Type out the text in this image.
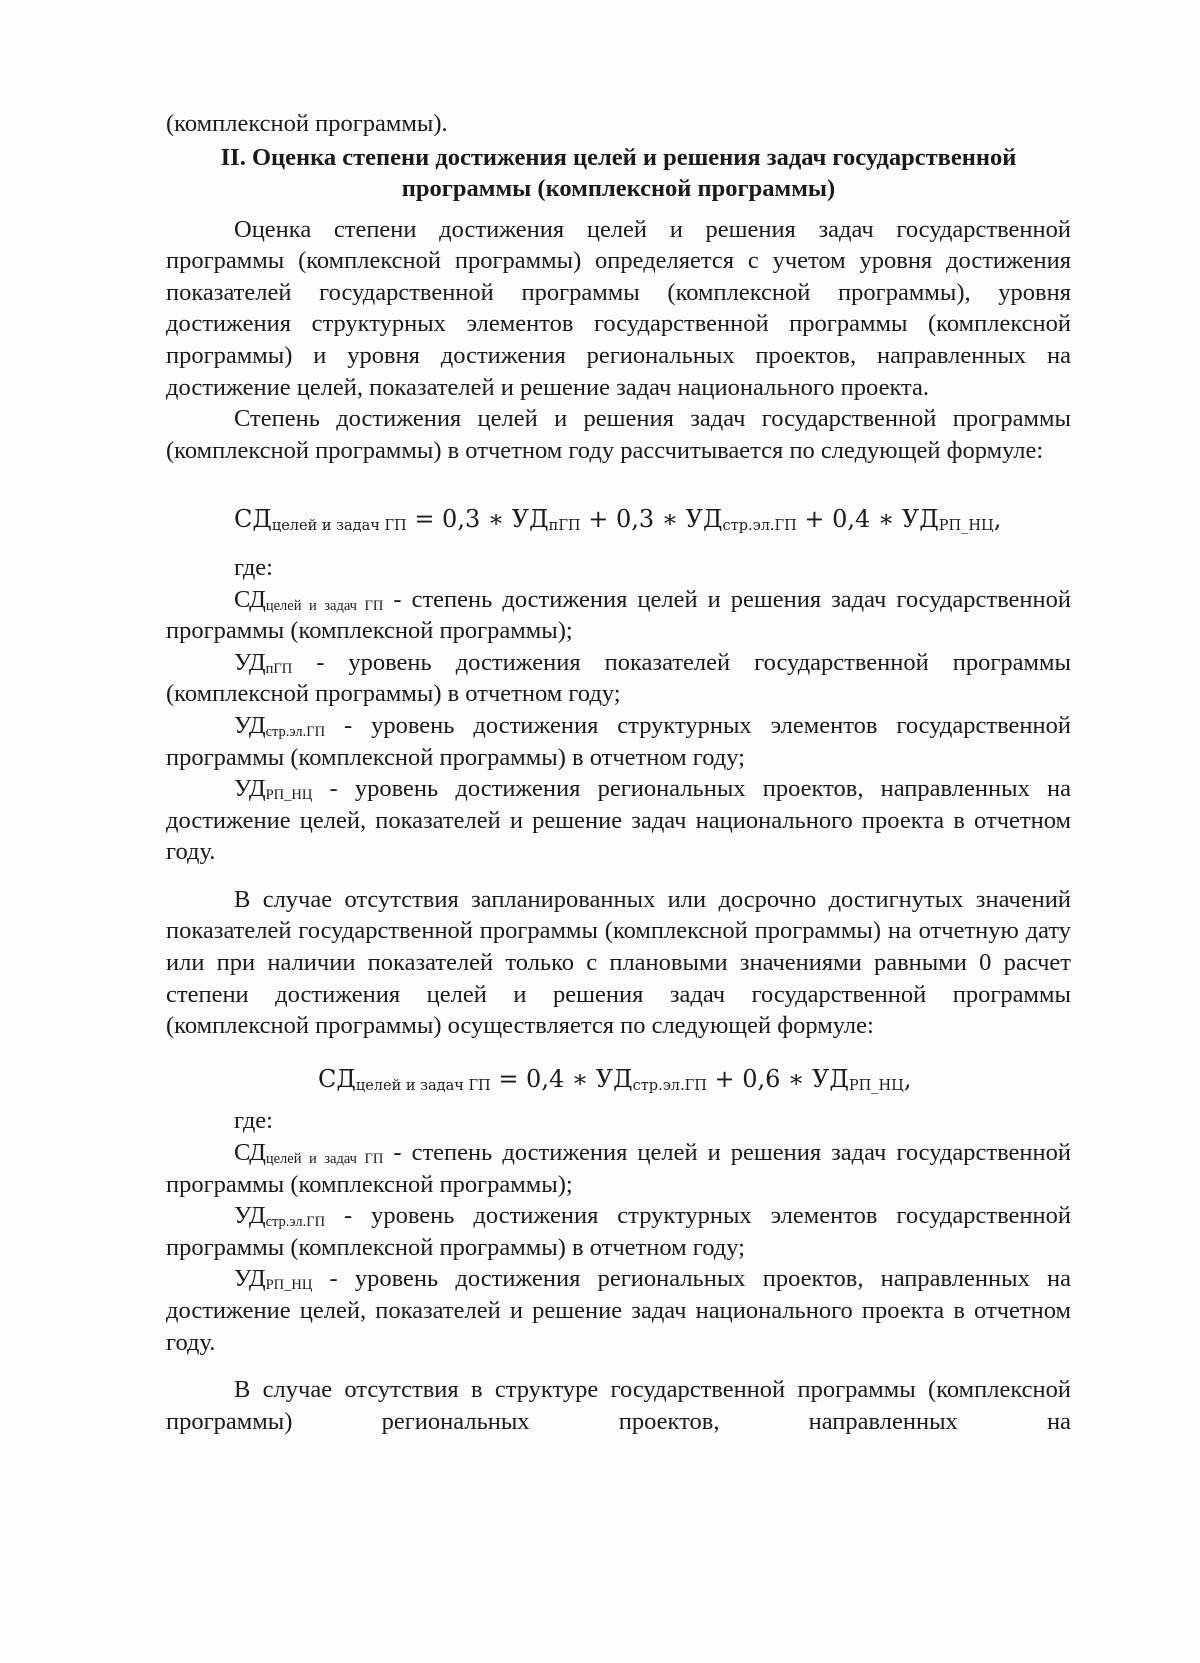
(комплексной программы).

II. Оценка степени достижения целей и решения задач государственной
программы (комплексной программы)

Оценка степени достижения целей и решения задач государственной программы (комплексной программы) определяется с учетом уровня достижения показателей государственной программы (комплексной программы), уровня достижения структурных элементов государственной программы (комплексной программы) и уровня достижения региональных проектов, направленных на достижение целей, показателей и решение задач национального проекта.

Степень достижения целей и решения задач государственной программы (комплексной программы) в отчетном году рассчитывается по следующей формуле:

$СД_{целей и задач ГП} = 0,3$ ∗ $УД_{пГП} + 0,3$ ∗ $УД_{стр.эл.ГП} + 0,4$ ∗ $УД_{РП\_НЦ}$,

где:

$СД_{целей и задач ГП}$ - степень достижения целей и решения задач государственной программы (комплексной программы);

$УД_{пГП}$ - уровень достижения показателей государственной программы (комплексной программы) в отчетном году;

$УД_{стр.эл.ГП}$ - уровень достижения структурных элементов государственной программы (комплексной программы) в отчетном году;

$УД_{РП\_НЦ}$ - уровень достижения региональных проектов, направленных на достижение целей, показателей и решение задач национального проекта в отчетном году.

В случае отсутствия запланированных или досрочно достигнутых значений показателей государственной программы (комплексной программы) на отчетную дату или при наличии показателей только с плановыми значениями равными 0 расчет степени достижения целей и решения задач государственной программы (комплексной программы) осуществляется по следующей формуле:

$СД_{целей и задач ГП} = 0,4$ ∗ $УД_{стр.эл.ГП} + 0,6$ ∗ $УД_{РП\_НЦ}$,

где:

$СД_{целей и задач ГП}$ - степень достижения целей и решения задач государственной программы (комплексной программы);

$УД_{стр.эл.ГП}$ - уровень достижения структурных элементов государственной программы (комплексной программы) в отчетном году;

$УД_{РП\_НЦ}$ - уровень достижения региональных проектов, направленных на достижение целей, показателей и решение задач национального проекта в отчетном году.

В случае отсутствия в структуре государственной программы (комплексной программы) региональных проектов, направленных на
